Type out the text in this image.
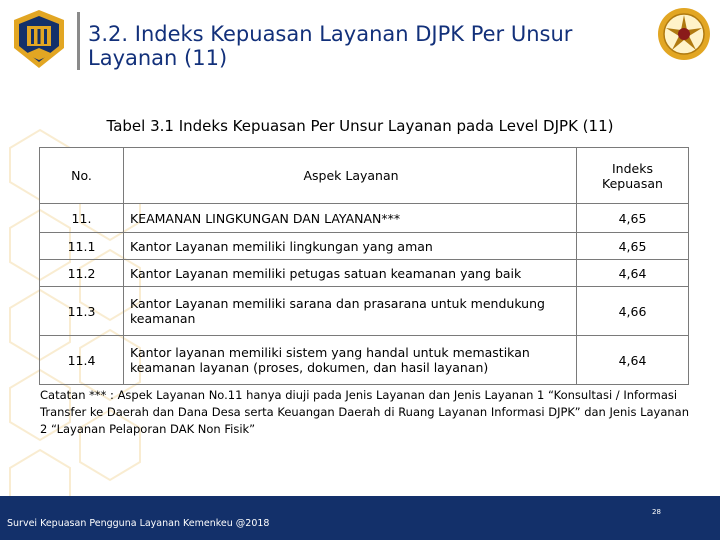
3.2. Indeks Kepuasan Layanan DJPK Per Unsur
Layanan (11)
Tabel 3.1 Indeks Kepuasan Per Unsur Layanan pada Level DJPK (11)
No.	Aspek Layanan	Indeks
Kepuasan

11.	KEAMANAN LINGKUNGAN DAN LAYANAN***	4,65
11.1	Kantor Layanan memiliki lingkungan yang aman	4,65
11.2	Kantor Layanan memiliki petugas satuan keamanan yang baik	4,64
11.3	Kantor Layanan memiliki sarana dan prasarana untuk mendukung keamanan	4,66
11.4	Kantor layanan memiliki sistem yang handal untuk memastikan keamanan layanan (proses, dokumen, dan hasil layanan)	4,64
Catatan *** : Aspek Layanan No.11 hanya diuji pada Jenis Layanan dan Jenis Layanan 1 “Konsultasi / Informasi Transfer ke Daerah dan Dana Desa serta Keuangan Daerah di Ruang Layanan Informasi DJPK” dan Jenis Layanan 2 “Layanan Pelaporan DAK Non Fisik”
Survei Kepuasan Pengguna Layanan Kemenkeu @2018
28
